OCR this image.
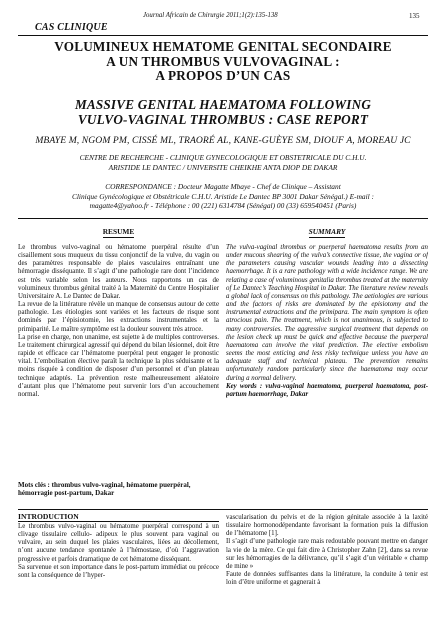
Journal Africain de Chirurgie 2011;1(2):135-138	135
CAS CLINIQUE
VOLUMINEUX HEMATOME GENITAL SECONDAIRE
A UN THROMBUS VULVOVAGINAL :
A PROPOS D’UN CAS
MASSIVE GENITAL HAEMATOMA FOLLOWING
VULVO-VAGINAL THROMBUS : CASE REPORT
MBAYE M, NGOM PM, CISSÉ ML, TRAORÉ AL, KANE-GUÈYE SM, DIOUF A, MOREAU JC
CENTRE DE RECHERCHE - CLINIQUE GYNECOLOGIQUE ET OBSTETRICALE DU C.H.U.
ARISTIDE LE DANTEC / UNIVERSITE CHEIKHE ANTA DIOP DE DAKAR
CORRESPONDANCE : Docteur Magatte Mbaye - Chef de Clinique – Assistant
Clinique Gynécologique et Obstétricale C.H.U. Aristide Le Dantec BP 3001 Dakar Sénégal.) E-mail :
magatte4@yahoo.fr - Téléphone : 00 (221) 6314784 (Sénégal) 00 (33) 659540451 (Paris)
RESUME	SUMMARY

Le thrombus vulvo-vaginal ou hématome puerpéral résulte d’un cisaillement sous muqueux du tissu conjonctif de la vulve, du vagin ou des paramètres responsable de plaies vasculaires entraînant une hémorragie disséquante. Il s’agit d’une pathologie rare dont l’incidence est très variable selon les auteurs. Nous rapportons un cas de volumineux thrombus génital traité à la Maternité du Centre Hospitalier Universitaire A. Le Dantec de Dakar.

La revue de la littérature révèle un manque de consensus autour de cette pathologie. Les étiologies sont variées et les facteurs de risque sont dominés par l’épisiotomie, les extractions instrumentales et la primiparité. Le maître symptôme est la douleur souvent très atroce.

La prise en charge, non unanime, est sujette à de multiples controverses. Le traitement chirurgical agressif qui dépend du bilan lésionnel, doit être rapide et efficace car l’hématome puerpéral peut engager le pronostic vital. L’embolisation élective paraît la technique la plus séduisante et la moins risquée à condition de disposer d’un personnel et d’un plateau technique adaptés. La prévention reste malheureusement aléatoire d’autant plus que l’hématome peut survenir lors d’un accouchement normal.

Mots clés : thrombus vulvo-vaginal, hématome puerpéral, hémorragie post-partum, Dakar

The vulva-vaginal thrombus or puerperal haematoma results from an under mucous shearing of the vulva’s connective tissue, the vagina or of the parameters causing vascular wounds leading into a dissecting haemorrhage. It is a rare pathology with a wide incidence range. We are relating a case of voluminous genitalia thrombus treated at the maternity of Le Dantec’s Teaching Hospital in Dakar. The literature review reveals a global lack of consensus on this pathology. The aetiologies are various and the factors of risks are dominated by the episiotomy and the instrumental extractions and the primipara. The main symptom is often atrocious pain. The treatment, which is not unanimous, is subjected to many controversies. The aggressive surgical treatment that depends on the lesion check up must be quick and effective because the puerperal haematoma can involve the vital prediction. The elective embolism seems the most enticing and less risky technique unless you have an adequate staff and technical plateau. The prevention remains unfortunately random particularly since the haematoma may occur during a normal delivery.

Key words : vulva-vaginal haematoma, puerperal haematoma, post-partum haemorrhage, Dakar

INTRODUCTION

Le thrombus vulvo-vaginal ou hématome puerpéral correspond à un clivage tissulaire cellulo- adipeux le plus souvent para vaginal ou vulvaire, au sein duquel les plaies vasculaires, liées au décollement, n’ont aucune tendance spontanée à l’hémostase, d’où l’aggravation progressive et parfois dramatique de cet hématome disséquant.

Sa survenue et son importance dans le post-partum immédiat ou précoce sont la conséquence de l’hyper-

vascularisation du pelvis et de la région génitale associée à la laxité tissulaire hormonodépendante favorisant la formation puis la diffusion de l’hématome [1].

Il s’agit d’une pathologie rare mais redoutable pouvant mettre en danger la vie de la mère. Ce qui fait dire à Christopher Zahn [2], dans sa revue sur les hémorragies de la délivrance, qu’il s’agit d’un véritable « champ de mine »

Faute de données suffisantes dans la littérature, la conduite à tenir est loin d’être uniforme et gagnerait à
